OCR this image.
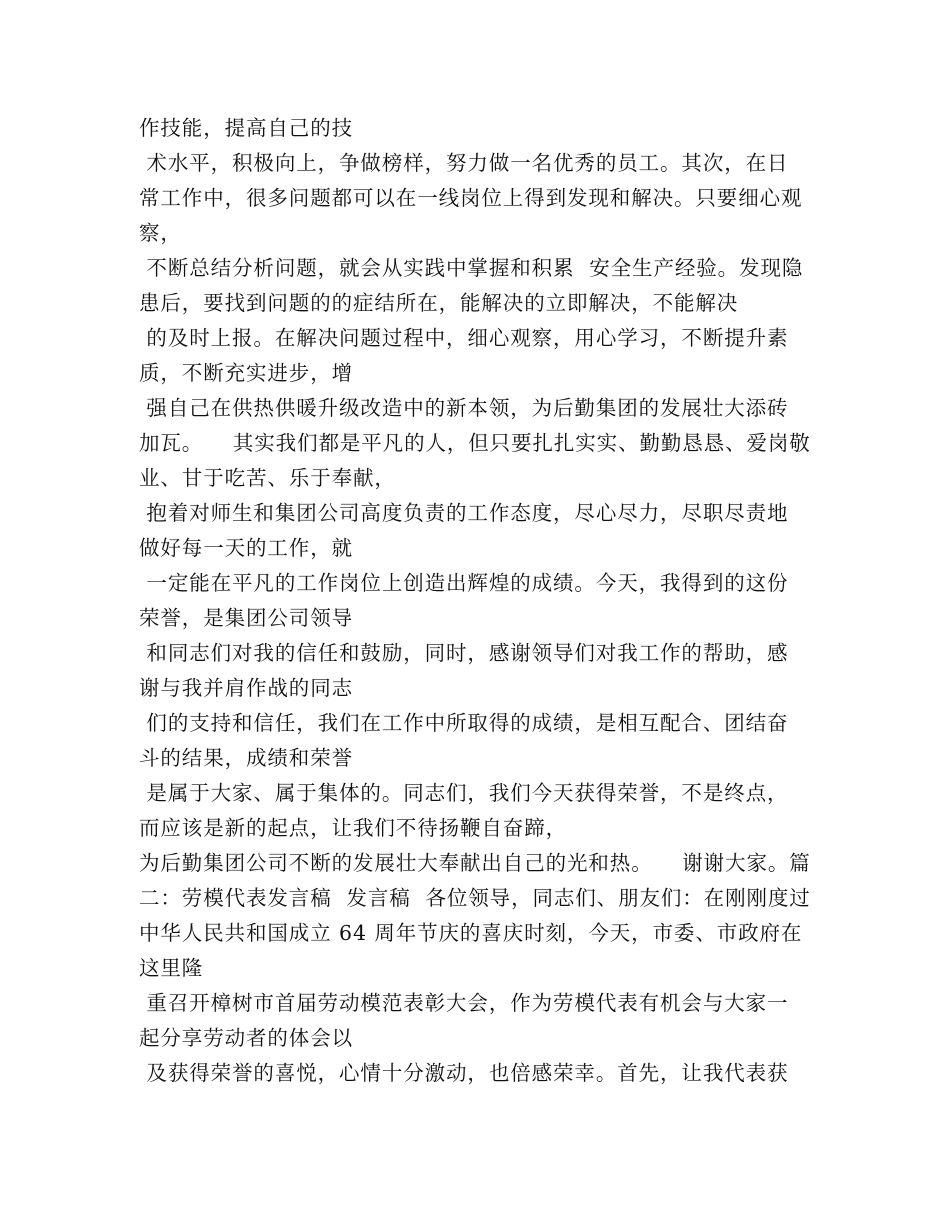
作技能，提高自己的技
术水平，积极向上，争做榜样，努力做一名优秀的员工。其次，在日
常工作中，很多问题都可以在一线岗位上得到发现和解决。只要细心观
察，
不断总结分析问题，就会从实践中掌握和积累  安全生产经验。发现隐
患后，要找到问题的的症结所在，能解决的立即解决，不能解决
的及时上报。在解决问题过程中，细心观察，用心学习，不断提升素
质，不断充实进步，增
强自己在供热供暖升级改造中的新本领，为后勤集团的发展壮大添砖
加瓦。    其实我们都是平凡的人，但只要扎扎实实、勤勤恳恳、爱岗敬
业、甘于吃苦、乐于奉献，
抱着对师生和集团公司高度负责的工作态度，尽心尽力，尽职尽责地
做好每一天的工作，就
一定能在平凡的工作岗位上创造出辉煌的成绩。今天，我得到的这份
荣誉，是集团公司领导
和同志们对我的信任和鼓励，同时，感谢领导们对我工作的帮助，感
谢与我并肩作战的同志
们的支持和信任，我们在工作中所取得的成绩，是相互配合、团结奋
斗的结果，成绩和荣誉
是属于大家、属于集体的。同志们，我们今天获得荣誉，不是终点，
而应该是新的起点，让我们不待扬鞭自奋蹄，
为后勤集团公司不断的发展壮大奉献出自己的光和热。    谢谢大家。篇
二：劳模代表发言稿  发言稿  各位领导，同志们、朋友们：在刚刚度过
中华人民共和国成立 64 周年节庆的喜庆时刻，今天，市委、市政府在
这里隆
重召开樟树市首届劳动模范表彰大会，作为劳模代表有机会与大家一
起分享劳动者的体会以
及获得荣誉的喜悦，心情十分激动，也倍感荣幸。首先，让我代表获
